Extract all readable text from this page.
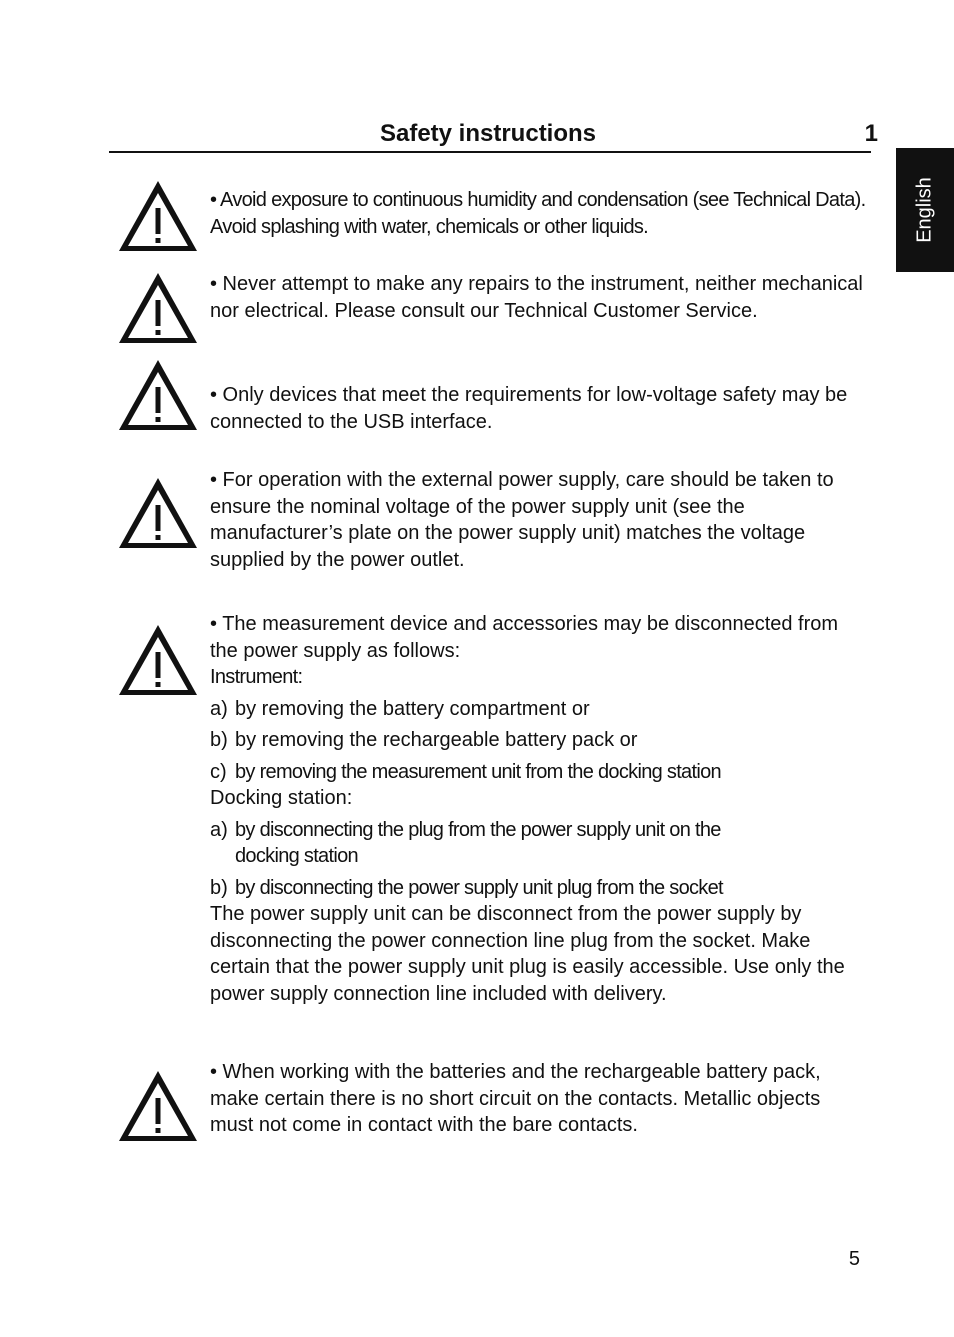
Safety instructions	1
English

• Avoid exposure to continuous humidity and condensation (see Technical Data). Avoid splashing with water, chemicals or other liquids.

• Never attempt to make any repairs to the instrument, neither mechanical nor electrical. Please consult our Technical Customer Service.

• Only devices that meet the requirements for low-voltage safety may be connected to the USB interface.

• For operation with the external power supply, care should be taken to ensure the nominal voltage of the power supply unit (see the manufacturer’s plate on the power supply unit) matches the voltage supplied by the power outlet.

• The measurement device and accessories may be disconnected from the power supply as follows:

Instrument:

a) by removing the battery compartment or
b) by removing the rechargeable battery pack or
c) by removing the measurement unit from the docking station

Docking station:

a) by disconnecting the plug from the power supply unit on the docking station
b) by disconnecting the power supply unit plug from the socket

The power supply unit can be disconnect from the power supply by disconnecting the power connection line plug from the socket. Make certain that the power supply unit plug is easily accessible. Use only the power supply connection line included with delivery.

• When working with the batteries and the rechargeable battery pack, make certain there is no short circuit on the contacts. Metallic objects must not come in contact with the bare contacts.

5
